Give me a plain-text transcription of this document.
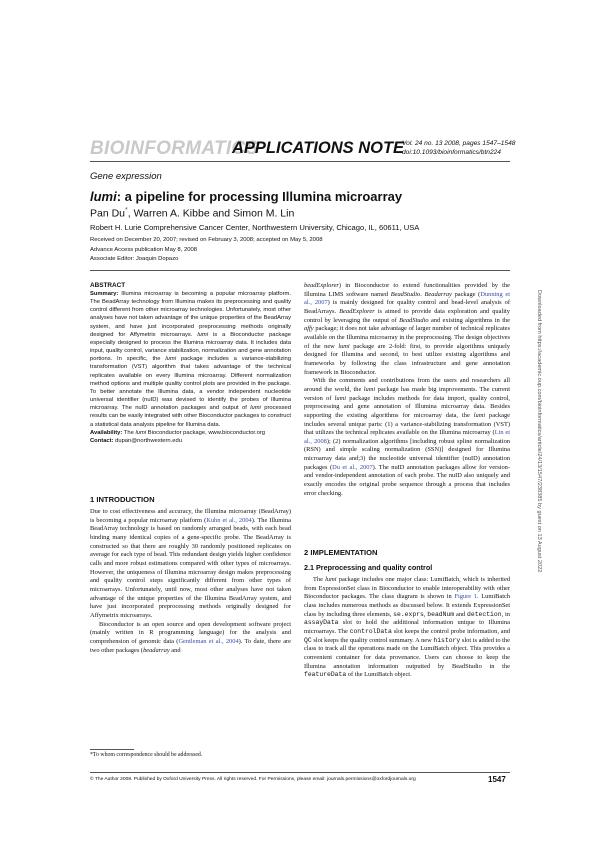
BIOINFORMATICS
APPLICATIONS NOTE
Vol. 24 no. 13 2008, pages 1547–1548
doi:10.1093/bioinformatics/btn224
Gene expression
lumi: a pipeline for processing Illumina microarray
Pan Du*, Warren A. Kibbe and Simon M. Lin
Robert H. Lurie Comprehensive Cancer Center, Northwestern University, Chicago, IL, 60611, USA
Received on December 20, 2007; revised on February 3, 2008; accepted on May 5, 2008
Advance Access publication May 8, 2008
Associate Editor: Joaquin Dopazo
ABSTRACT

Summary: Illumina microarray is becoming a popular microarray platform. The BeadArray technology from Illumina makes its preprocessing and quality control different from other microarray technologies. Unfortunately, most other analyses have not taken advantage of the unique properties of the BeadArray system, and have just incorporated preprocessing methods originally designed for Affymetrix microarrays. lumi is a Bioconductor package especially designed to process the Illumina microarray data. It includes data input, quality control, variance stabilization, normalization and gene annotation portions. In specific, the lumi package includes a variance-stabilizing transformation (VST) algorithm that takes advantage of the technical replicates available on every Illumina microarray. Different normalization method options and multiple quality control plots are provided in the package. To better annotate the Illumina data, a vendor independent nucleotide universal identifier (nuID) was devised to identify the probes of Illumina microarray. The nuID annotation packages and output of lumi processed results can be easily integrated with other Bioconductor packages to construct a statistical data analysis pipeline for Illumina data.

Availability: The lumi Bioconductor package, www.bioconductor.org

Contact: dupan@northwestern.edu

1 INTRODUCTION

Due to cost effectiveness and accuracy, the Illumina microarray (BeadArray) is becoming a popular microarray platform (Kuhn et al., 2004). The Illumina BeadArray technology is based on randomly arranged beads, with each bead binding many identical copies of a gene-specific probe. The BeadArray is constructed so that there are roughly 30 randomly positioned replicates on average for each type of bead. This redundant design yields higher confidence calls and more robust estimations compared with other types of microarrays. However, the uniqueness of Illumina microarray design makes preprocessing and quality control steps significantly different from other types of microarrays. Unfortunately, until now, most other analyses have not taken advantage of the unique properties of the Illumina BeadArray system, and have just incorporated preprocessing methods originally designed for Affymetrix microarrays.

Bioconductor is an open source and open development software project (mainly written in R programming language) for the analysis and comprehension of genomic data (Gentleman et al., 2004). To date, there are two other packages (beadarray and

*To whom correspondence should be addressed.

beadExplorer) in Bioconductor to extend functionalities provided by the Illumina LIMS software named BeadStudio. Beadarray package (Dunning et al., 2007) is mainly designed for quality control and bead-level analysis of BeadArrays. BeadExplorer is aimed to provide data exploration and quality control by leveraging the output of BeadStudio and existing algorithms in the affy package; it does not take advantage of larger number of technical replicates available on the Illumina microarray in the preprocessing. The design objectives of the new lumi package are 2-fold: first, to provide algorithms uniquely designed for Illumina and second, to best utilize existing algorithms and frameworks by following the class infrastructure and gene annotation framework in Bioconductor.

With the comments and contributions from the users and researchers all around the world, the lumi package has made big improvements. The current version of lumi package includes methods for data import, quality control, preprocessing and gene annotation of Illumina microarray data. Besides supporting the existing algorithms for microarray data, the lumi package includes several unique parts: (1) a variance-stabilizing transformation (VST) that utilizes the technical replicates available on the Illumina microarray (Lin et al., 2008); (2) normalization algorithms [including robust spline normalization (RSN) and simple scaling normalization (SSN)] designed for Illumina microarray data and;3) the nucleotide universal identifier (nuID) annotation packages (Du et al., 2007). The nuID annotation packages allow for version- and vendor-independent annotation of each probe. The nuID also uniquely and exactly encodes the original probe sequence through a process that includes error checking.

2 IMPLEMENTATION
2.1 Preprocessing and quality control

The lumi package includes one major class: LumiBatch, which is inherited from ExpressionSet class in Bioconductor to enable interoperability with other Bioconductor packages. The class diagram is shown in Figure 1. LumiBatch class includes numerous methods as discussed below. It extends ExpressionSet class by including three elements, se.exprs, beadNum and detection, in assayData slot to hold the additional information unique to Illumina microarrays. The controlData slot keeps the control probe information, and QC slot keeps the quality control summary. A new history slot is added to the class to track all the operations made on the LumiBatch object. This provides a convenient container for data provenance. Users can choose to keep the Illumina annotation information outputted by BeadStudio in the featureData of the LumiBatch object.

© The Author 2008. Published by Oxford University Press. All rights reserved. For Permissions, please email: journals.permissions@oxfordjournals.org	1547
Downloaded from https://academic.oup.com/bioinformatics/article/24/13/1547/238385 by guest on 13 August 2022
